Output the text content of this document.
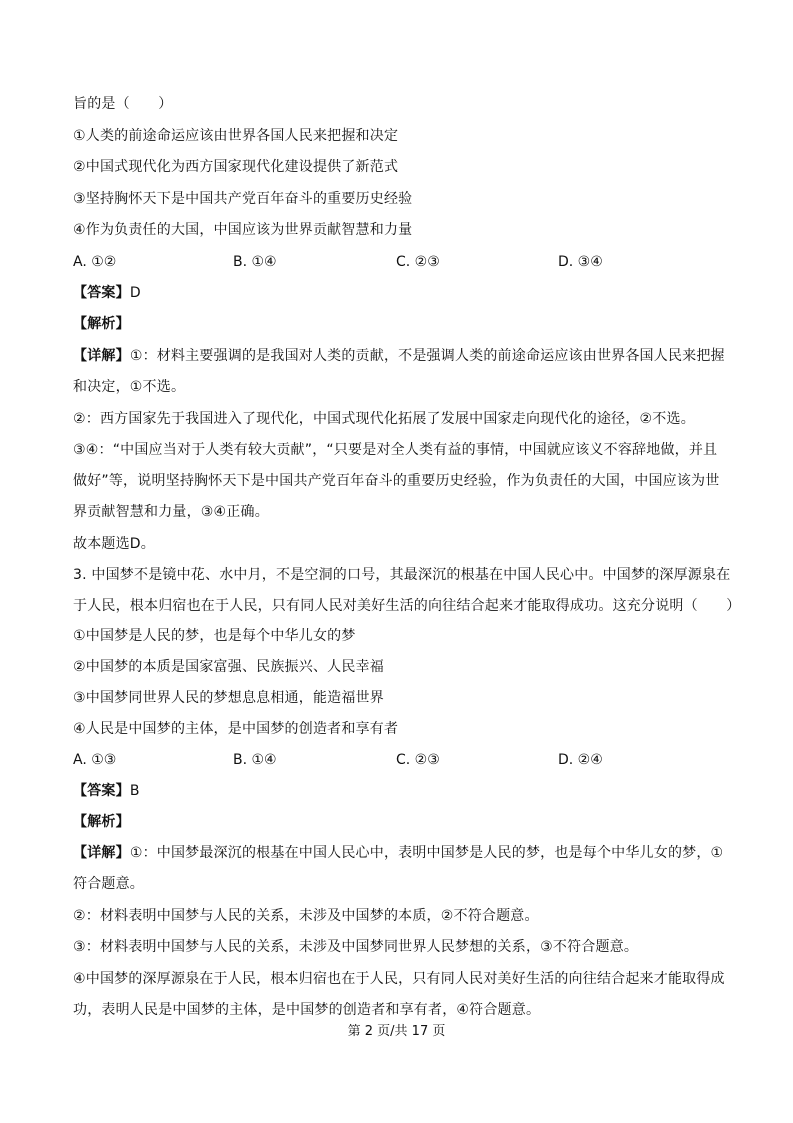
旨的是（　　）
①人类的前途命运应该由世界各国人民来把握和决定
②中国式现代化为西方国家现代化建设提供了新范式
③坚持胸怀天下是中国共产党百年奋斗的重要历史经验
④作为负责任的大国，中国应该为世界贡献智慧和力量
A. ①②	B. ①④	C. ②③	D. ③④
【答案】D
【解析】
【详解】①：材料主要强调的是我国对人类的贡献，不是强调人类的前途命运应该由世界各国人民来把握
和决定，①不选。
②：西方国家先于我国进入了现代化，中国式现代化拓展了发展中国家走向现代化的途径，②不选。
③④：“中国应当对于人类有较大贡献”，“只要是对全人类有益的事情，中国就应该义不容辞地做，并且
做好”等，说明坚持胸怀天下是中国共产党百年奋斗的重要历史经验，作为负责任的大国，中国应该为世
界贡献智慧和力量，③④正确。
故本题选D。
3. 中国梦不是镜中花、水中月，不是空洞的口号，其最深沉的根基在中国人民心中。中国梦的深厚源泉在
于人民，根本归宿也在于人民，只有同人民对美好生活的向往结合起来才能取得成功。这充分说明（　　）
①中国梦是人民的梦，也是每个中华儿女的梦
②中国梦的本质是国家富强、民族振兴、人民幸福
③中国梦同世界人民的梦想息息相通，能造福世界
④人民是中国梦的主体，是中国梦的创造者和享有者
A. ①③	B. ①④	C. ②③	D. ②④
【答案】B
【解析】
【详解】①：中国梦最深沉的根基在中国人民心中，表明中国梦是人民的梦，也是每个中华儿女的梦，①
符合题意。
②：材料表明中国梦与人民的关系，未涉及中国梦的本质，②不符合题意。
③：材料表明中国梦与人民的关系，未涉及中国梦同世界人民梦想的关系，③不符合题意。
④中国梦的深厚源泉在于人民，根本归宿也在于人民，只有同人民对美好生活的向往结合起来才能取得成
功，表明人民是中国梦的主体，是中国梦的创造者和享有者，④符合题意。
第 2 页/共 17 页
